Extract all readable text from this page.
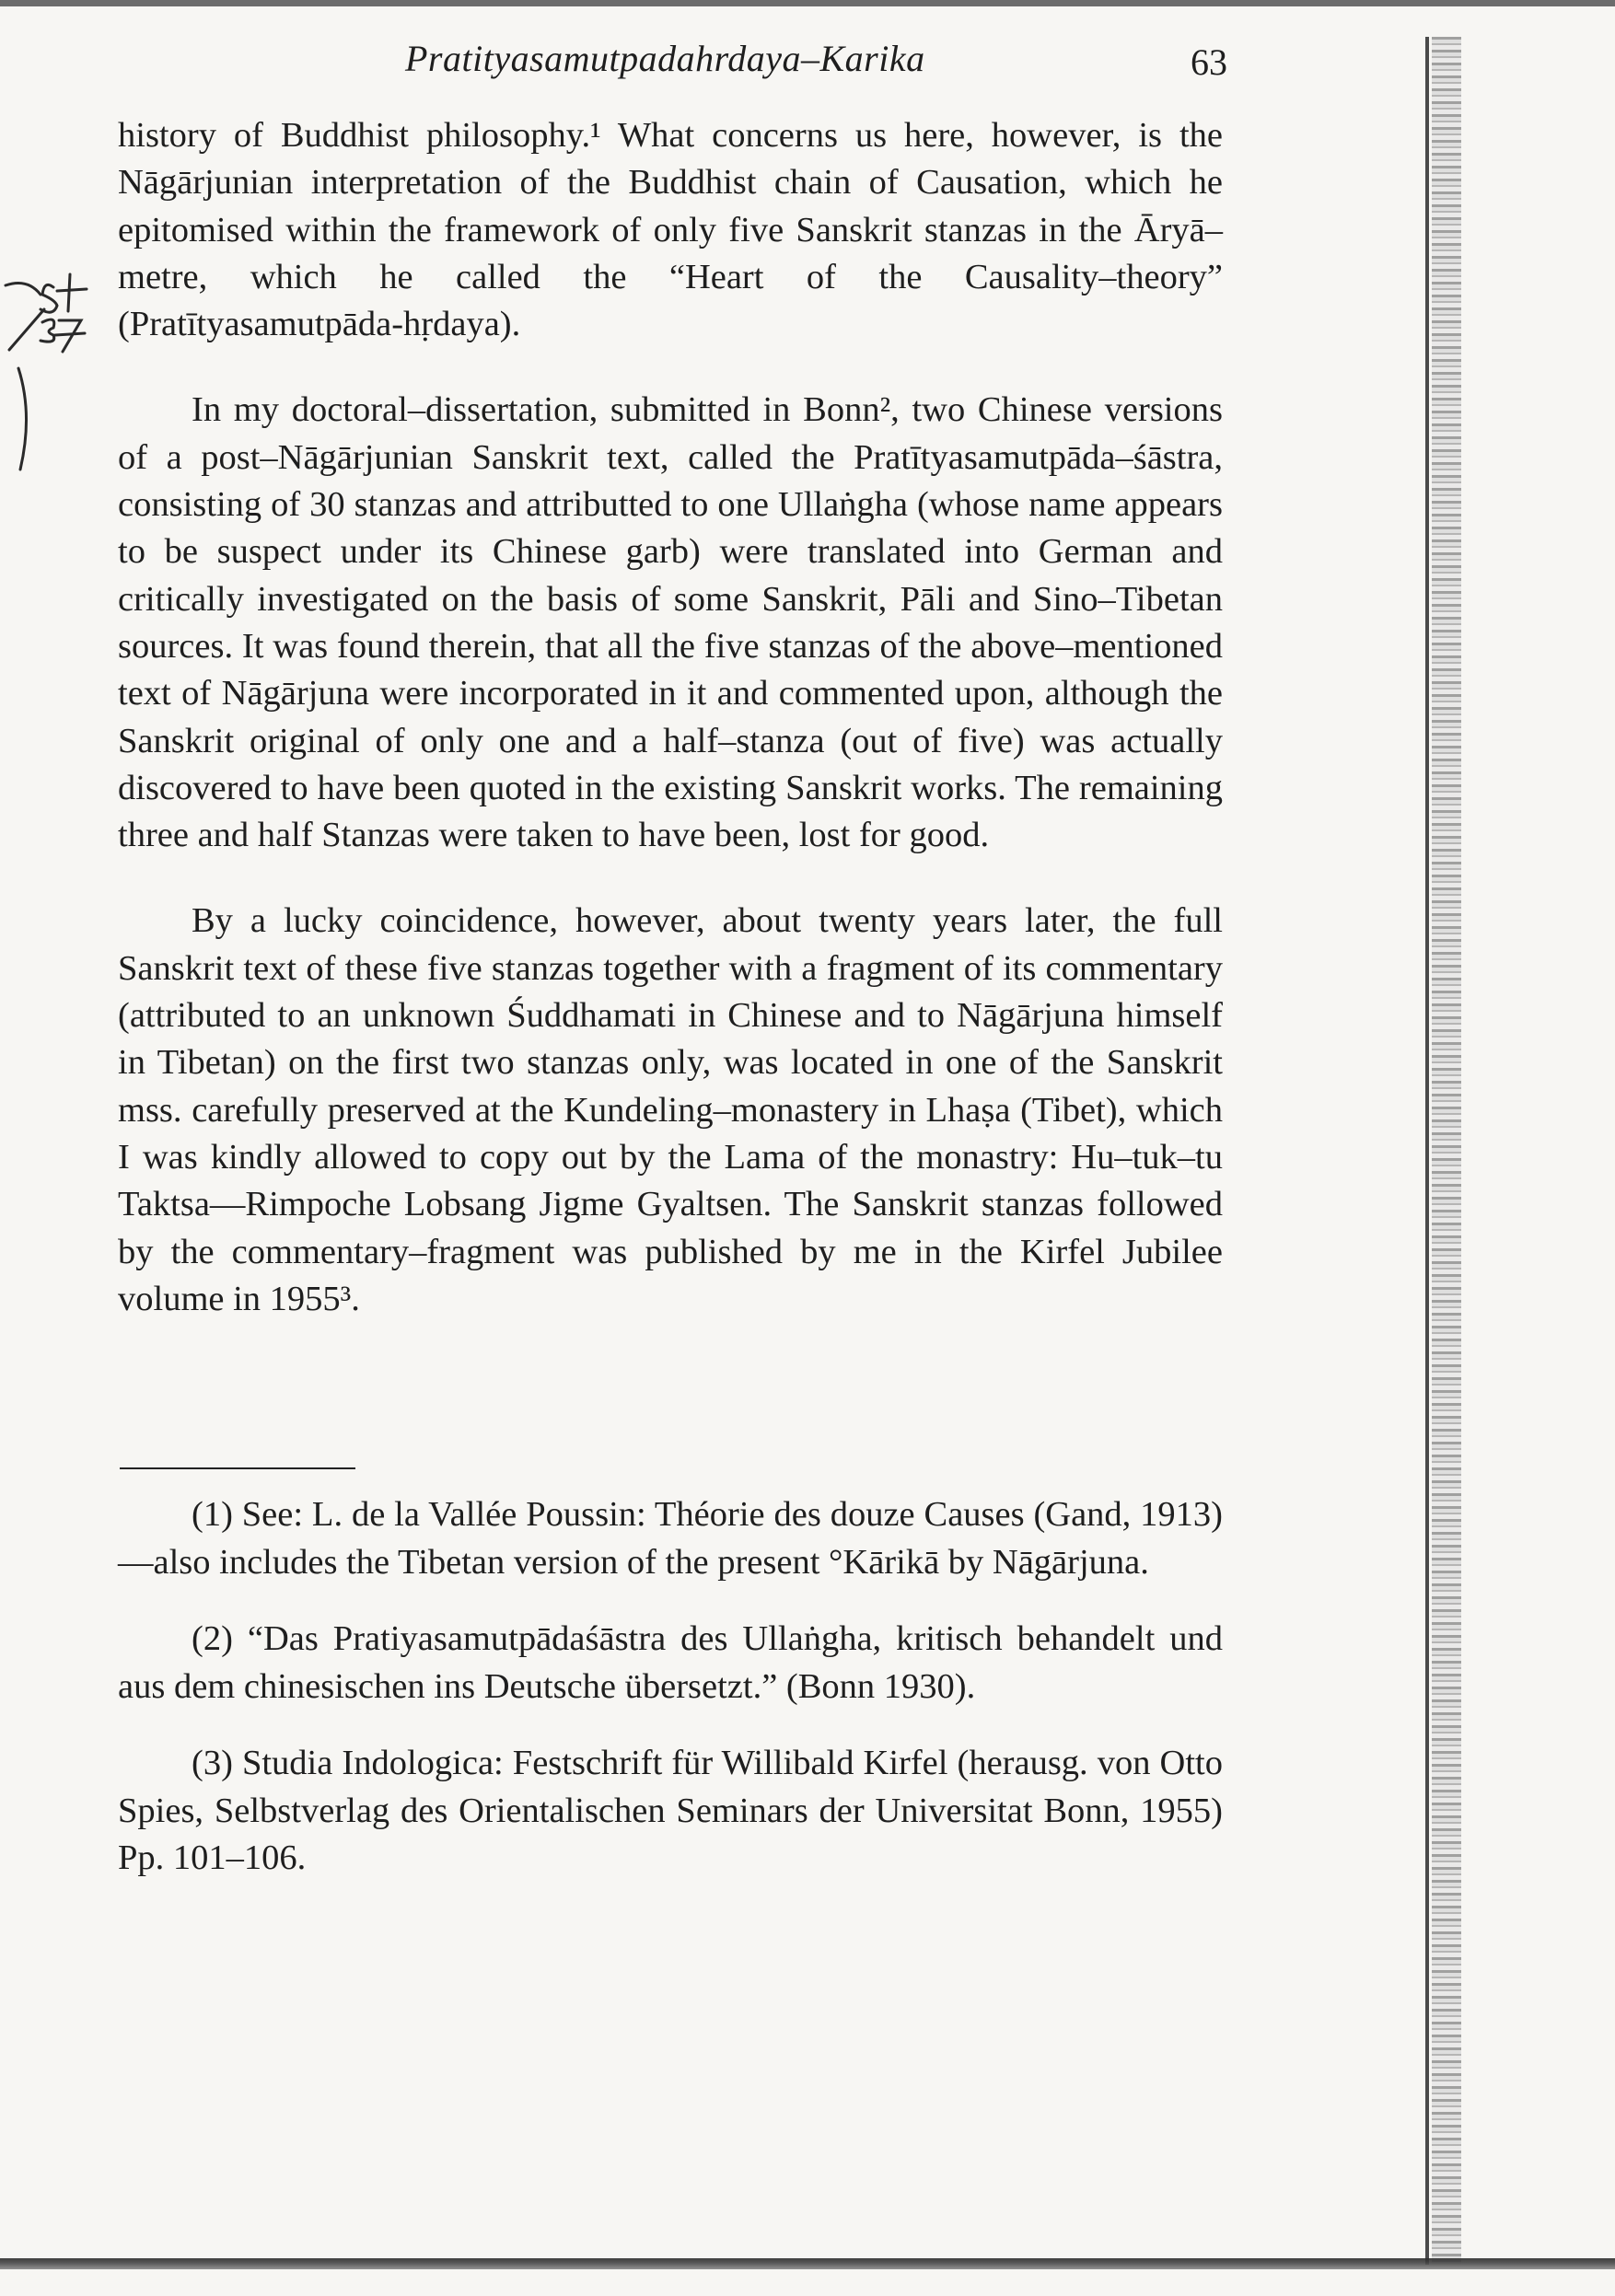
Pratityasamutpadahrdaya–Karika	63

history of Buddhist philosophy.¹ What concerns us here, however, is the Nāgārjunian interpretation of the Buddhist chain of Causation, which he epitomised within the framework of only five Sanskrit stanzas in the Āryā–metre, which he called the “Heart of the Causality–theory” (Pratītyasamutpāda-hṛdaya).

In my doctoral–dissertation, submitted in Bonn², two Chinese versions of a post–Nāgārjunian Sanskrit text, called the Pratītyasamutpāda–śāstra, consisting of 30 stanzas and attributted to one Ullaṅgha (whose name appears to be suspect under its Chinese garb) were translated into German and critically investigated on the basis of some Sanskrit, Pāli and Sino–Tibetan sources. It was found therein, that all the five stanzas of the above–mentioned text of Nāgārjuna were incorporated in it and commented upon, although the Sanskrit original of only one and a half–stanza (out of five) was actually discovered to have been quoted in the existing Sanskrit works. The remaining three and half Stanzas were taken to have been, lost for good.

By a lucky coincidence, however, about twenty years later, the full Sanskrit text of these five stanzas together with a fragment of its commentary (attributed to an unknown Śuddhamati in Chinese and to Nāgārjuna himself in Tibetan) on the first two stanzas only, was located in one of the Sanskrit mss. carefully preserved at the Kundeling–monastery in Lhaṣa (Tibet), which I was kindly allowed to copy out by the Lama of the monastry: Hu–tuk–tu Taktsa—Rimpoche Lobsang Jigme Gyaltsen. The Sanskrit stanzas followed by the commentary–fragment was published by me in the Kirfel Jubilee volume in 1955³.

(1) See: L. de la Vallée Poussin: Théorie des douze Causes (Gand, 1913)—also includes the Tibetan version of the present °Kārikā by Nāgārjuna.

(2) “Das Pratiyasamutpādaśāstra des Ullaṅgha, kritisch behandelt und aus dem chinesischen ins Deutsche übersetzt.” (Bonn 1930).

(3) Studia Indologica: Festschrift für Willibald Kirfel (herausg. von Otto Spies, Selbstverlag des Orientalischen Seminars der Universitat Bonn, 1955) Pp. 101–106.
